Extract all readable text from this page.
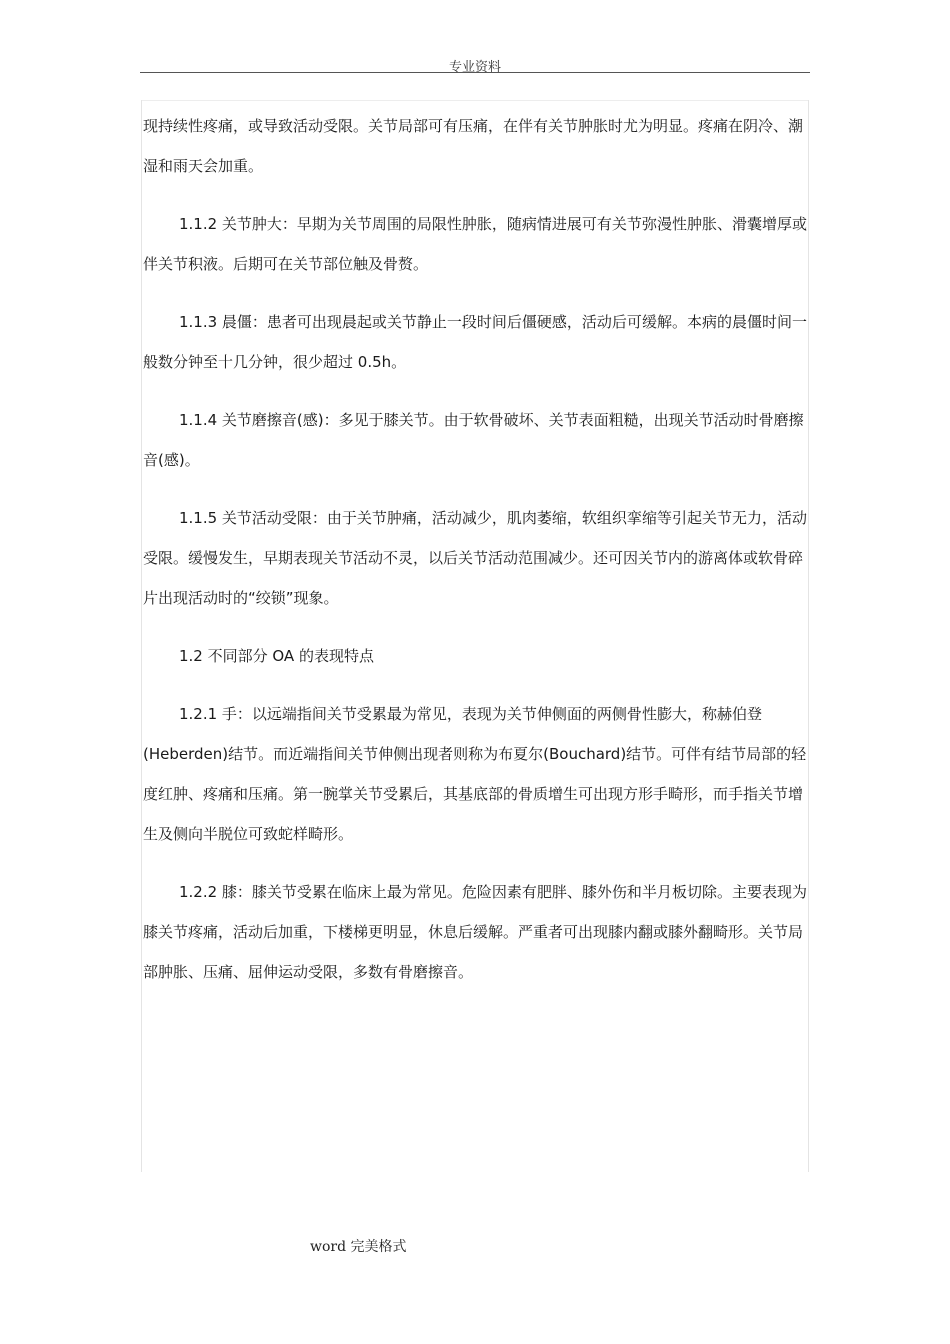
专业资料

现持续性疼痛，或导致活动受限。关节局部可有压痛，在伴有关节肿胀时尤为明显。疼痛在阴冷、潮湿和雨天会加重。

1.1.2 关节肿大：早期为关节周围的局限性肿胀，随病情进展可有关节弥漫性肿胀、滑囊增厚或伴关节积液。后期可在关节部位触及骨赘。

1.1.3 晨僵：患者可出现晨起或关节静止一段时间后僵硬感，活动后可缓解。本病的晨僵时间一般数分钟至十几分钟，很少超过 0.5h。

1.1.4 关节磨擦音(感)：多见于膝关节。由于软骨破坏、关节表面粗糙，出现关节活动时骨磨擦音(感)。

1.1.5 关节活动受限：由于关节肿痛，活动减少，肌肉萎缩，软组织挛缩等引起关节无力，活动受限。缓慢发生，早期表现关节活动不灵，以后关节活动范围减少。还可因关节内的游离体或软骨碎片出现活动时的“绞锁”现象。

1.2 不同部分 OA 的表现特点

1.2.1 手：以远端指间关节受累最为常见，表现为关节伸侧面的两侧骨性膨大，称赫伯登(Heberden)结节。而近端指间关节伸侧出现者则称为布夏尔(Bouchard)结节。可伴有结节局部的轻度红肿、疼痛和压痛。第一腕掌关节受累后，其基底部的骨质增生可出现方形手畸形，而手指关节增生及侧向半脱位可致蛇样畸形。

1.2.2 膝：膝关节受累在临床上最为常见。危险因素有肥胖、膝外伤和半月板切除。主要表现为膝关节疼痛，活动后加重，下楼梯更明显，休息后缓解。严重者可出现膝内翻或膝外翻畸形。关节局部肿胀、压痛、屈伸运动受限，多数有骨磨擦音。

word 完美格式
